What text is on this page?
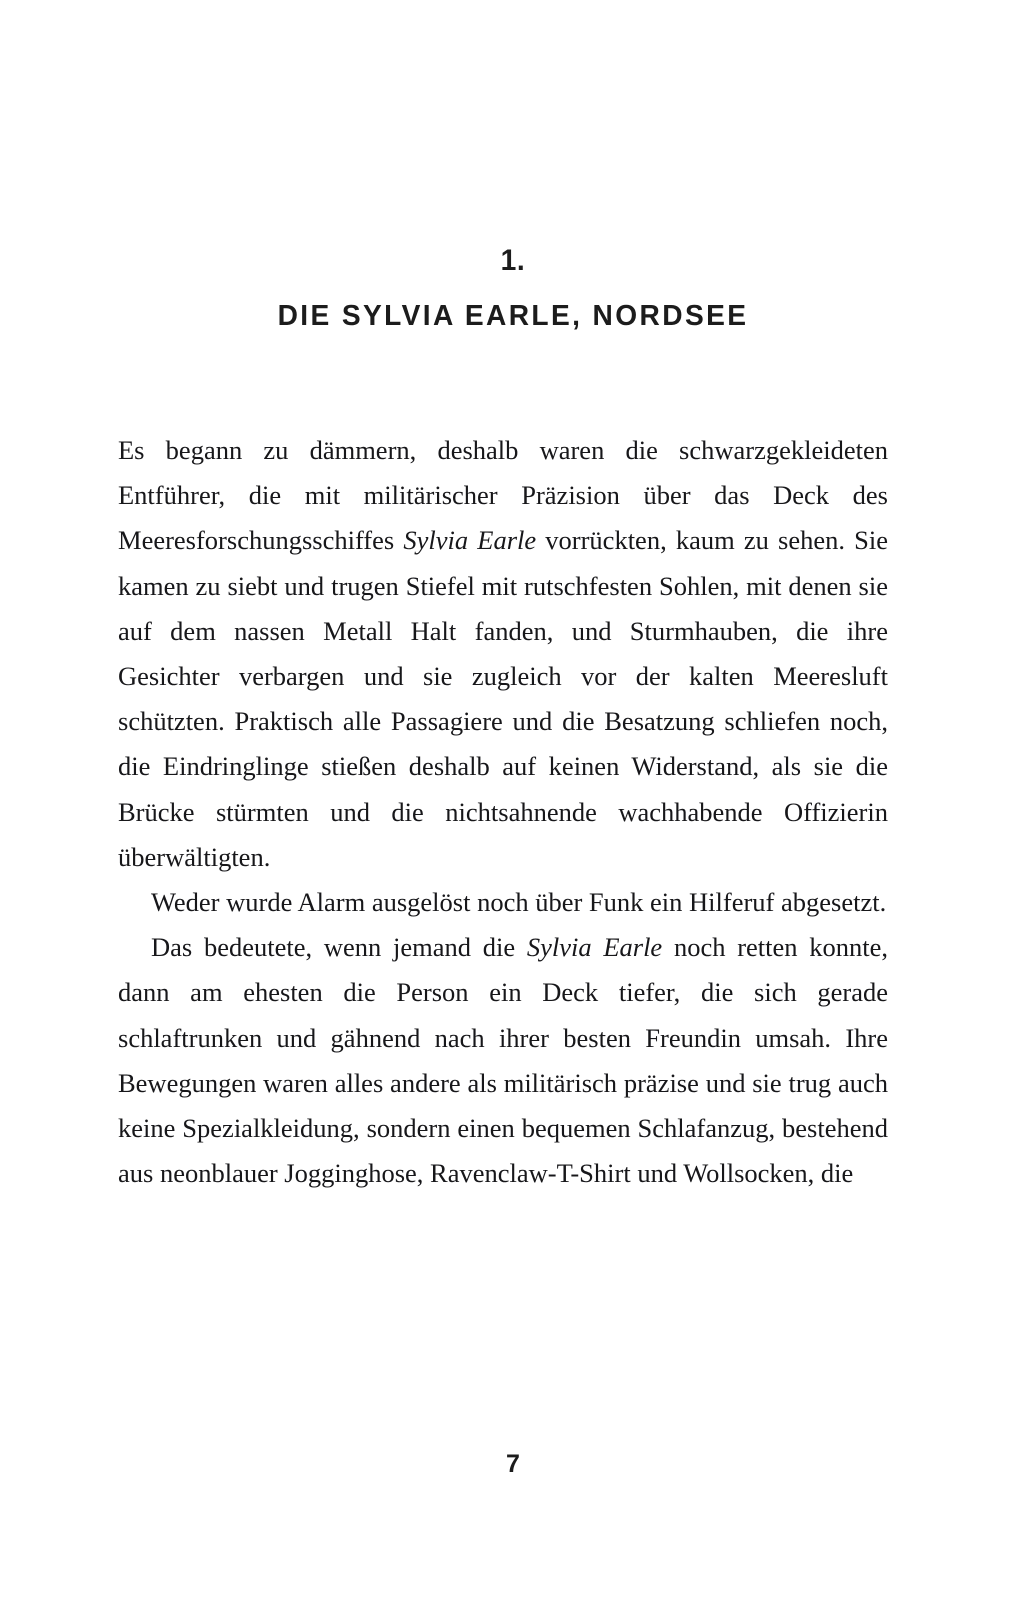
1.
DIE SYLVIA EARLE, NORDSEE

Es begann zu dämmern, deshalb waren die schwarzgekleideten Entführer, die mit militärischer Präzision über das Deck des Meeresforschungsschiffes Sylvia Earle vorrückten, kaum zu sehen. Sie kamen zu siebt und trugen Stiefel mit rutschfesten Sohlen, mit denen sie auf dem nassen Metall Halt fanden, und Sturmhauben, die ihre Gesichter verbargen und sie zugleich vor der kalten Meeresluft schützten. Praktisch alle Passagiere und die Besatzung schliefen noch, die Eindringlinge stießen deshalb auf keinen Widerstand, als sie die Brücke stürmten und die nichtsahnende wachhabende Offizierin überwältigten.

Weder wurde Alarm ausgelöst noch über Funk ein Hilferuf abgesetzt.

Das bedeutete, wenn jemand die Sylvia Earle noch retten konnte, dann am ehesten die Person ein Deck tiefer, die sich gerade schlaftrunken und gähnend nach ihrer besten Freundin umsah. Ihre Bewegungen waren alles andere als militärisch präzise und sie trug auch keine Spezialkleidung, sondern einen bequemen Schlafanzug, bestehend aus neonblauer Jogginghose, Ravenclaw-T-Shirt und Wollsocken, die

7
